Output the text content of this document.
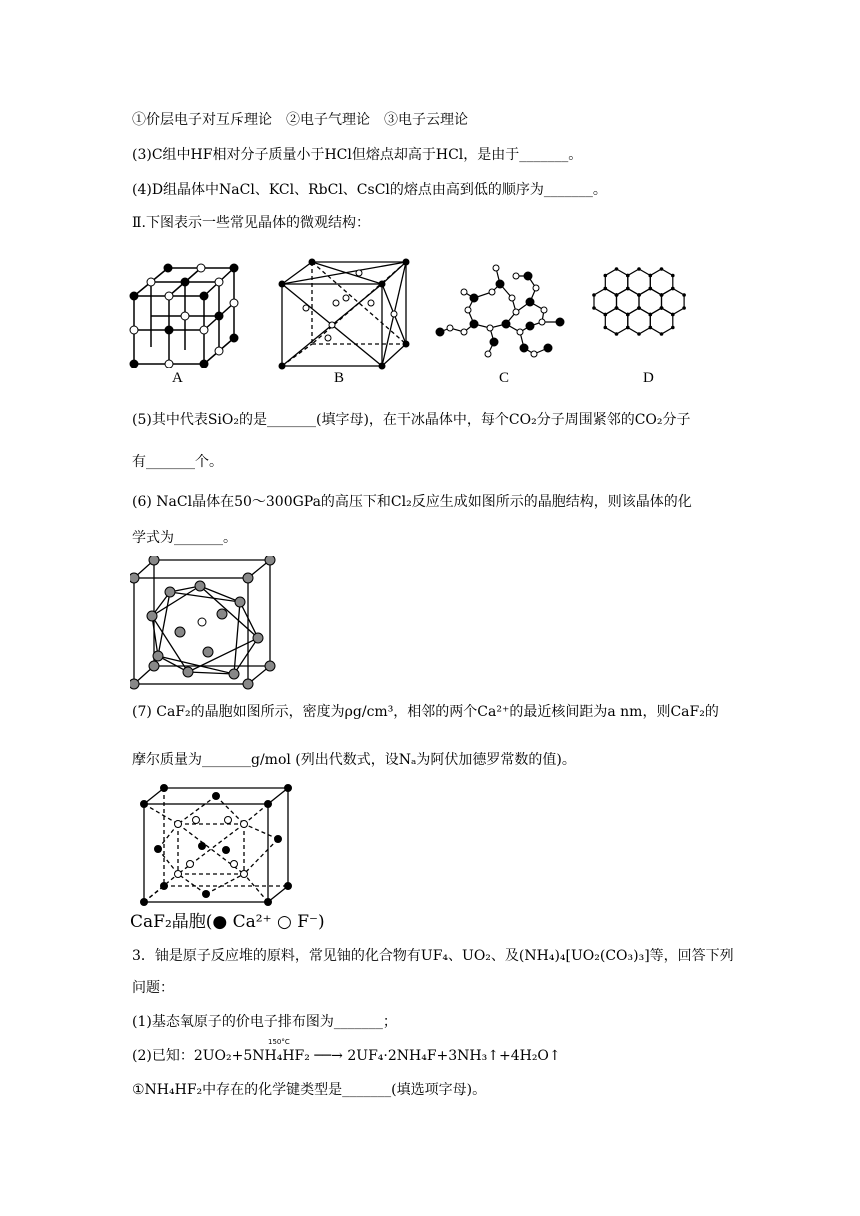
①价层电子对互斥理论　②电子气理论　③电子云理论
(3)C组中HF相对分子质量小于HCl但熔点却高于HCl，是由于_______。
(4)D组晶体中NaCl、KCl、RbCl、CsCl的熔点由高到低的顺序为_______。
Ⅱ.下图表示一些常见晶体的微观结构：
A	B	C	D
(5)其中代表SiO₂的是_______(填字母)，在干冰晶体中，每个CO₂分子周围紧邻的CO₂分子
有_______个。
(6) NaCl晶体在50～300GPa的高压下和Cl₂反应生成如图所示的晶胞结构，则该晶体的化
学式为_______。
(7) CaF₂的晶胞如图所示，密度为ρg/cm³，相邻的两个Ca²⁺的最近核间距为a nm，则CaF₂的
摩尔质量为_______g/mol (列出代数式，设Nₐ为阿伏加德罗常数的值)。
CaF₂晶胞(● Ca²⁺ ○ F⁻)
3．铀是原子反应堆的原料，常见铀的化合物有UF₄、UO₂、及(NH₄)₄[UO₂(CO₃)₃]等，回答下列
问题：
(1)基态氧原子的价电子排布图为_______；
(2)已知：2UO₂+5NH₄HF₂ ──→ 2UF₄·2NH₄F+3NH₃↑+4H₂O↑
150°C
①NH₄HF₂中存在的化学键类型是_______(填选项字母)。
